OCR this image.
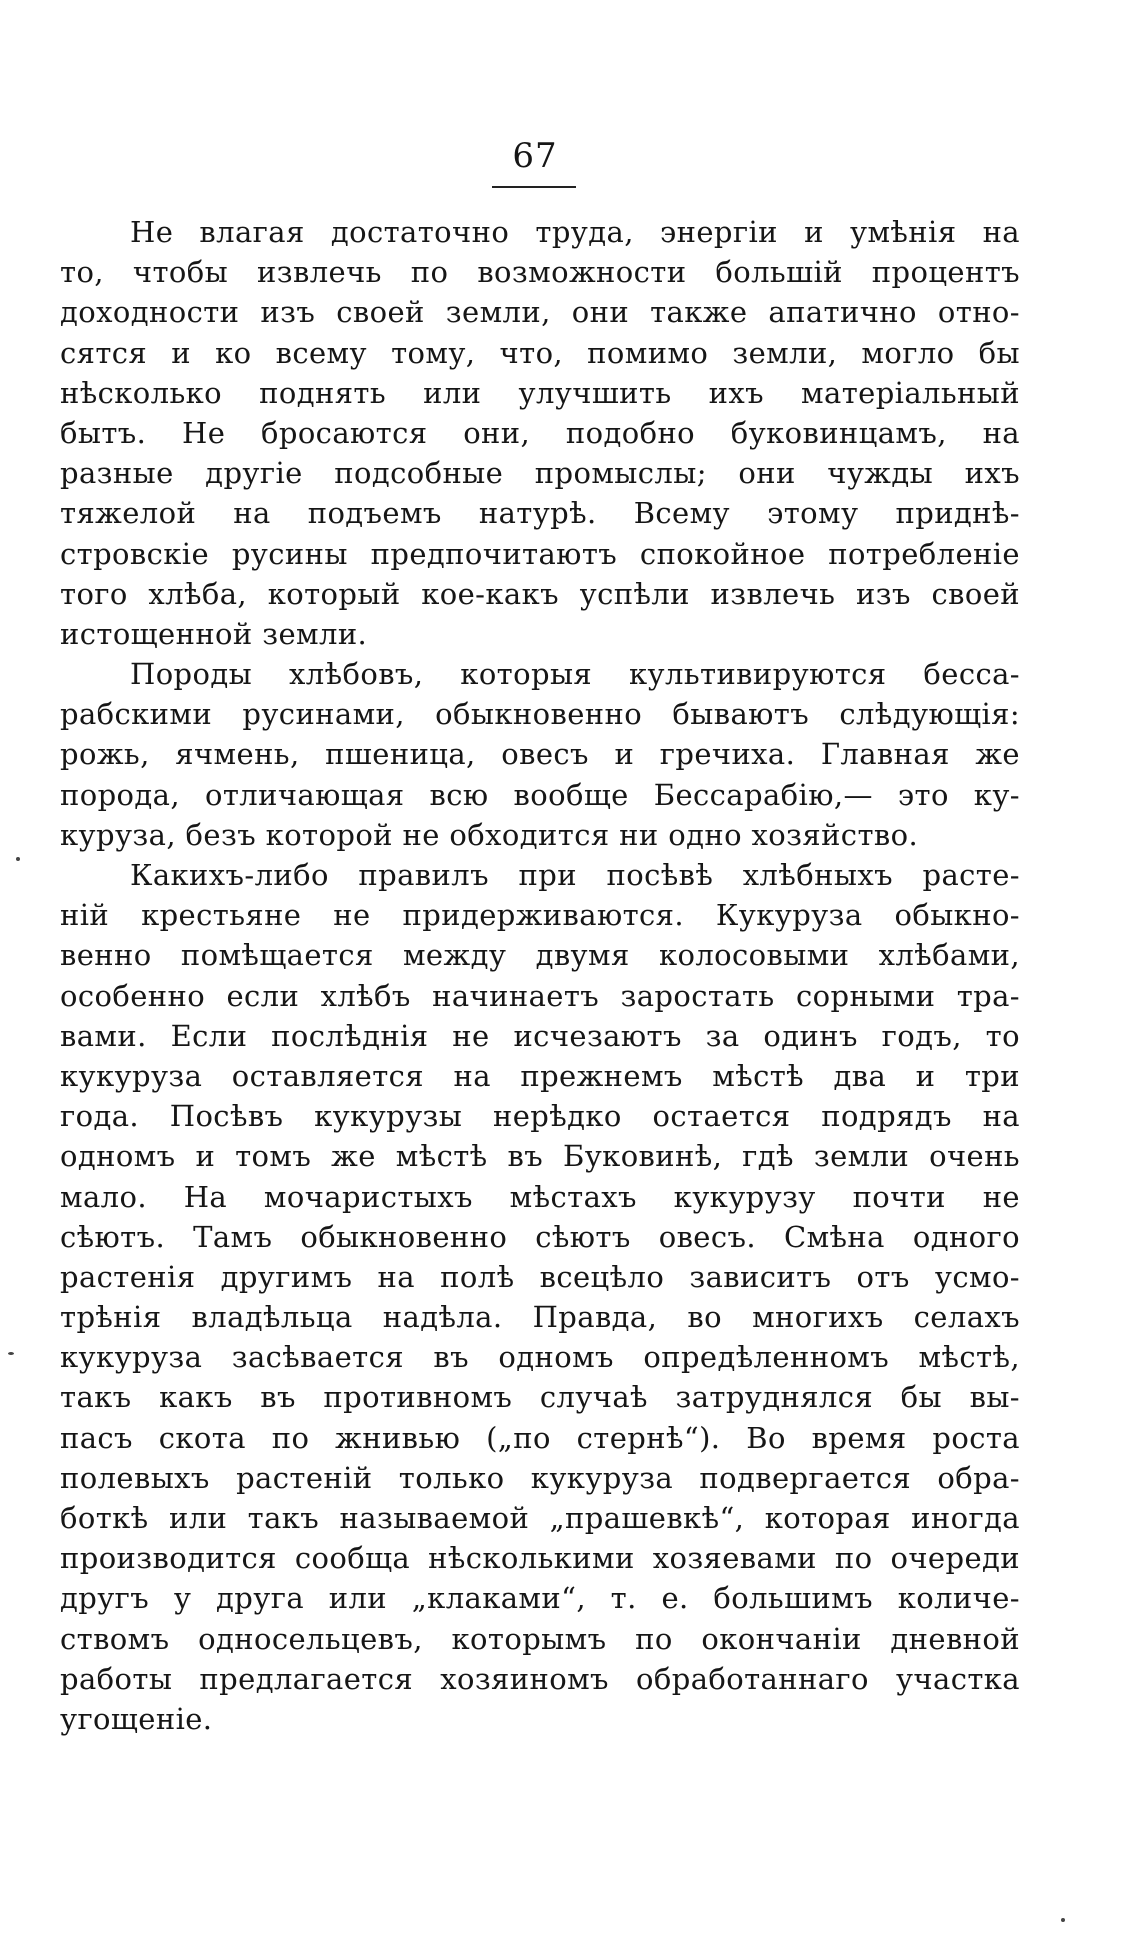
67
Не влагая достаточно труда, энергіи и умѣнія на
то, чтобы извлечь по возможности большій процентъ
доходности изъ своей земли, они также апатично отно-
сятся и ко всему тому, что, помимо земли, могло бы
нѣсколько поднять или улучшить ихъ матеріальный
бытъ. Не бросаются они, подобно буковинцамъ, на
разные другіе подсобные промыслы; они чужды ихъ
тяжелой на подъемъ натурѣ. Всему этому приднѣ-
стровскіе русины предпочитаютъ спокойное потребленіе
того хлѣба, который кое-какъ успѣли извлечь изъ своей
истощенной земли.
Породы хлѣбовъ, которыя культивируются бесса-
рабскими русинами, обыкновенно бываютъ слѣдующія:
рожь, ячмень, пшеница, овесъ и гречиха. Главная же
порода, отличающая всю вообще Бессарабію,— это ку-
куруза, безъ которой не обходится ни одно хозяйство.
Какихъ-либо правилъ при посѣвѣ хлѣбныхъ расте-
ній крестьяне не придерживаются. Кукуруза обыкно-
венно помѣщается между двумя колосовыми хлѣбами,
особенно если хлѣбъ начинаетъ заростать сорными тра-
вами. Если послѣднія не исчезаютъ за одинъ годъ, то
кукуруза оставляется на прежнемъ мѣстѣ два и три
года. Посѣвъ кукурузы нерѣдко остается подрядъ на
одномъ и томъ же мѣстѣ въ Буковинѣ, гдѣ земли очень
мало. На мочаристыхъ мѣстахъ кукурузу почти не
сѣютъ. Тамъ обыкновенно сѣютъ овесъ. Смѣна одного
растенія другимъ на полѣ всецѣло зависитъ отъ усмо-
трѣнія владѣльца надѣла. Правда, во многихъ селахъ
кукуруза засѣвается въ одномъ опредѣленномъ мѣстѣ,
такъ какъ въ противномъ случаѣ затруднялся бы вы-
пасъ скота по жнивью („по стернѣ“). Во время роста
полевыхъ растеній только кукуруза подвергается обра-
боткѣ или такъ называемой „прашевкѣ“, которая иногда
производится сообща нѣсколькими хозяевами по очереди
другъ у друга или „клаками“, т. е. большимъ количе-
ствомъ односельцевъ, которымъ по окончаніи дневной
работы предлагается хозяиномъ обработаннаго участка
угощеніе.
